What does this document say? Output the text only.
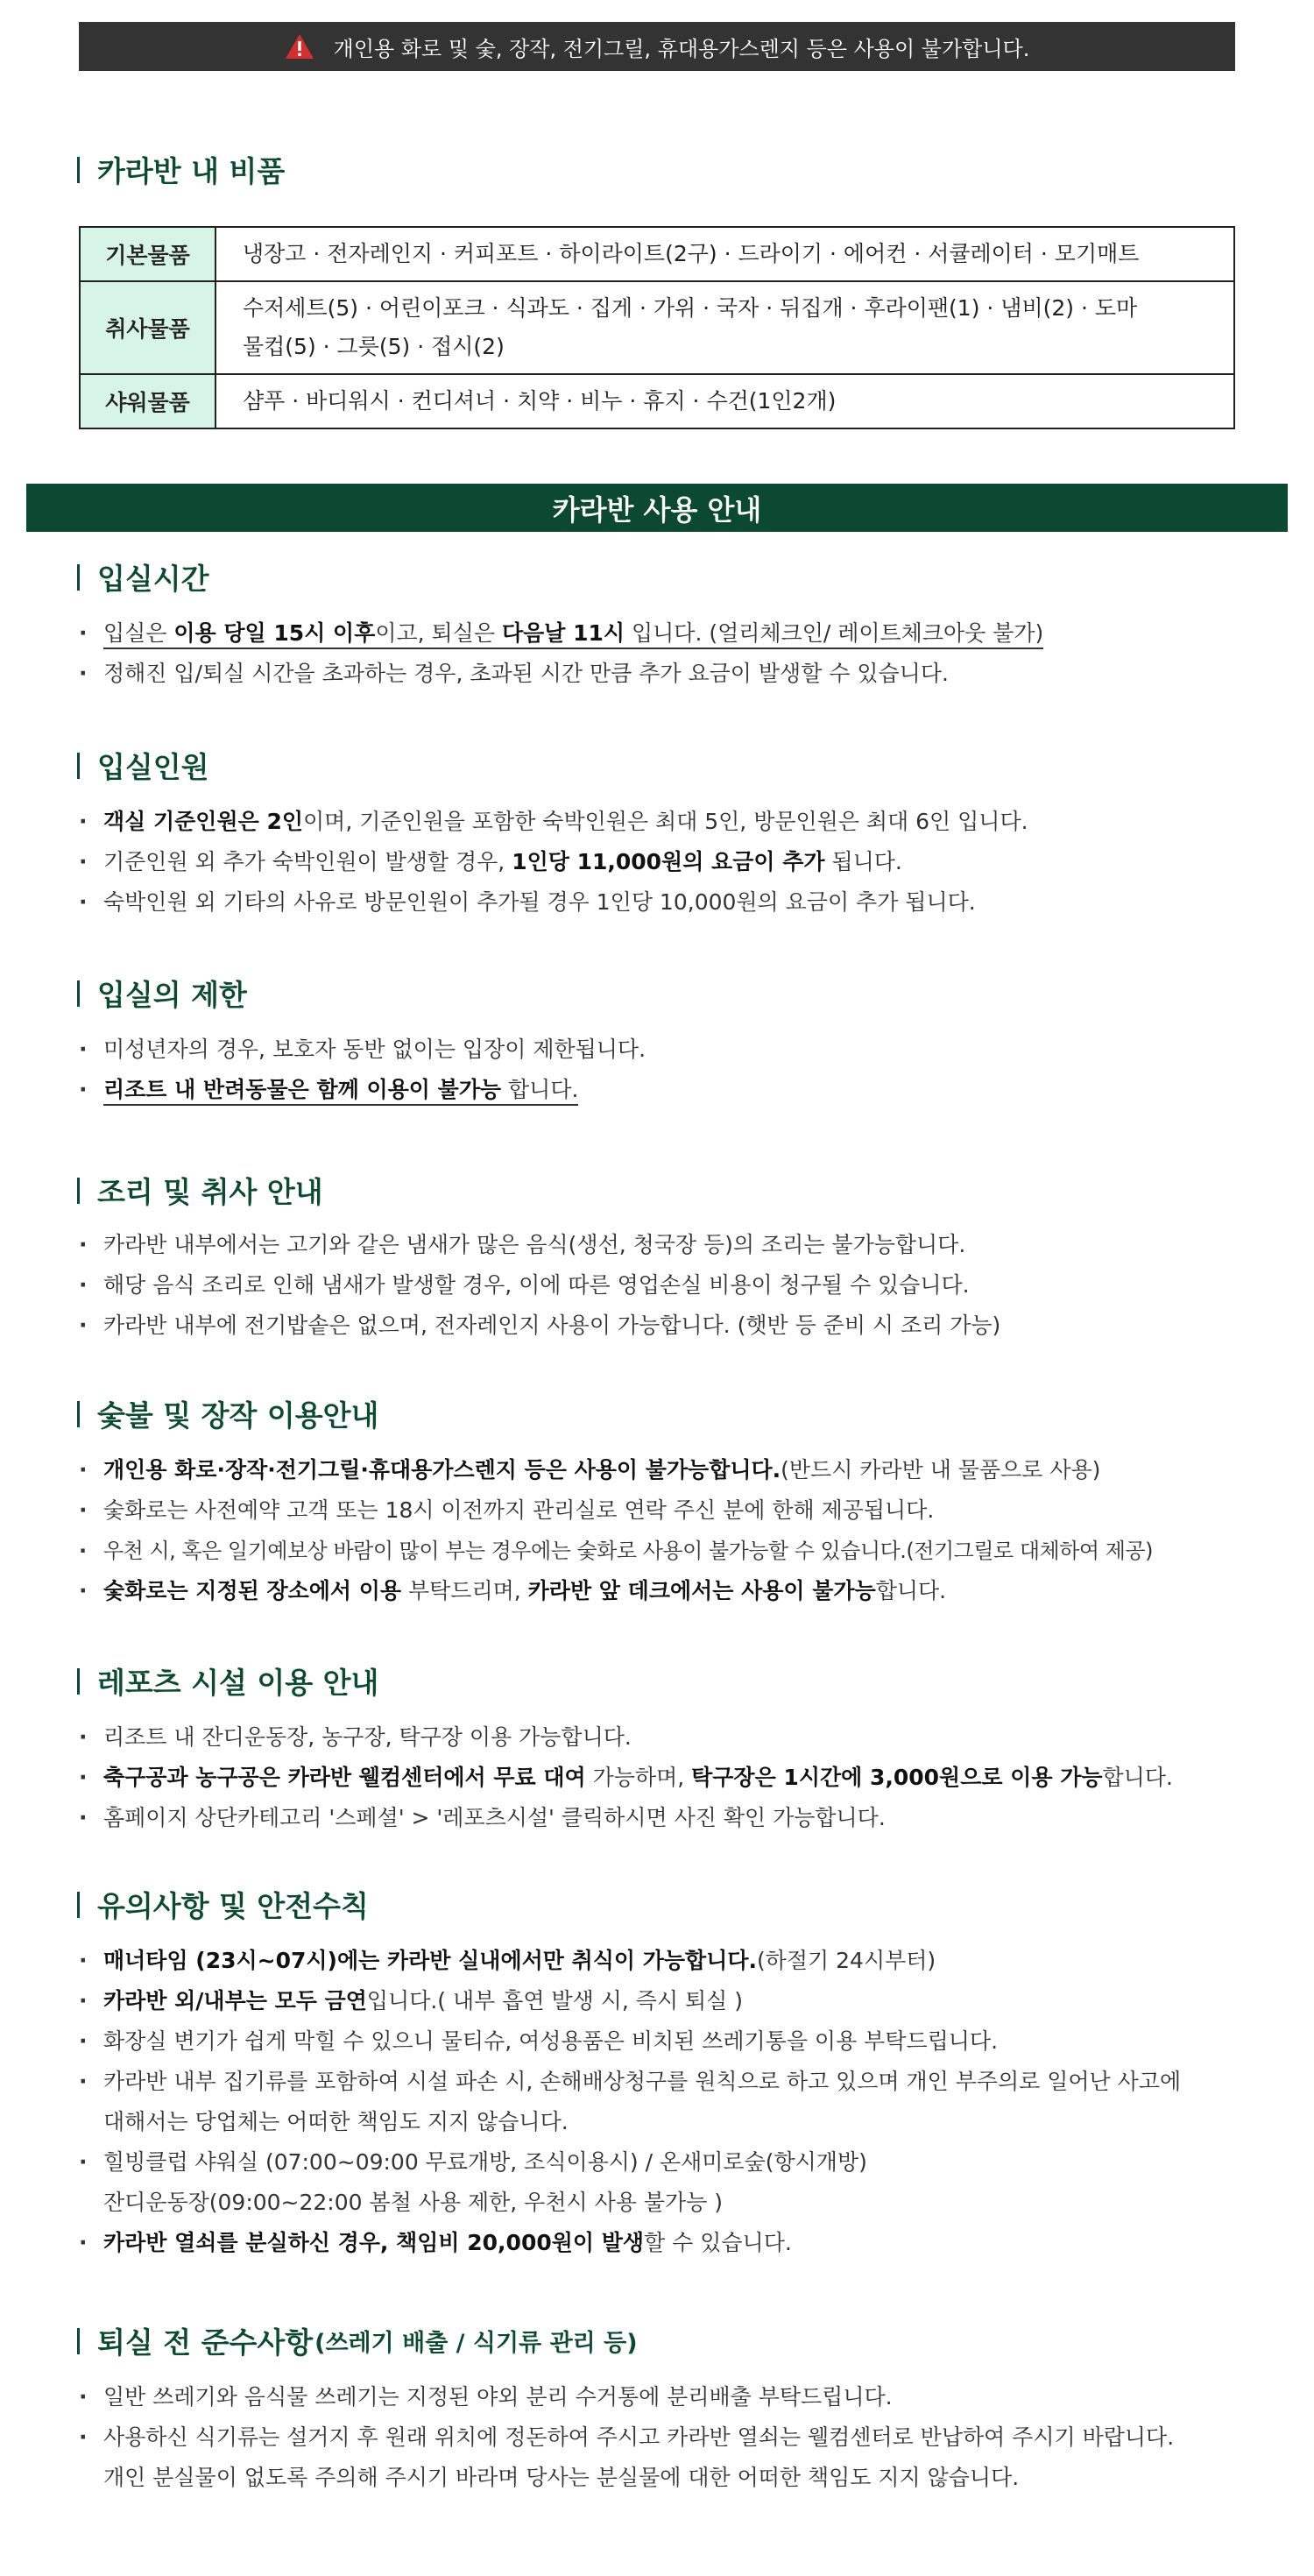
개인용 화로 및 숯, 장작, 전기그릴, 휴대용가스렌지 등은 사용이 불가합니다.
카라반 내 비품
기본물품	냉장고 · 전자레인지 · 커피포트 · 하이라이트(2구) · 드라이기 · 에어컨 · 서큘레이터 · 모기매트
취사물품	수저세트(5) · 어린이포크 · 식과도 · 집게 · 가위 · 국자 · 뒤집개 · 후라이팬(1) · 냄비(2) · 도마
물컵(5) · 그릇(5) · 접시(2)

샤워물품	샴푸 · 바디워시 · 컨디셔너 · 치약 · 비누 · 휴지 · 수건(1인2개)
카라반 사용 안내
입실시간
· 입실은 이용 당일 15시 이후이고, 퇴실은 다음날 11시 입니다. (얼리체크인/ 레이트체크아웃 불가)
· 정해진 입/퇴실 시간을 초과하는 경우, 초과된 시간 만큼 추가 요금이 발생할 수 있습니다.
입실인원
· 객실 기준인원은 2인이며, 기준인원을 포함한 숙박인원은 최대 5인, 방문인원은 최대 6인 입니다.
· 기준인원 외 추가 숙박인원이 발생할 경우, 1인당 11,000원의 요금이 추가 됩니다.
· 숙박인원 외 기타의 사유로 방문인원이 추가될 경우 1인당 10,000원의 요금이 추가 됩니다.
입실의 제한
· 미성년자의 경우, 보호자 동반 없이는 입장이 제한됩니다.
· 리조트 내 반려동물은 함께 이용이 불가능 합니다.
조리 및 취사 안내
· 카라반 내부에서는 고기와 같은 냄새가 많은 음식(생선, 청국장 등)의 조리는 불가능합니다.
· 해당 음식 조리로 인해 냄새가 발생할 경우, 이에 따른 영업손실 비용이 청구될 수 있습니다.
· 카라반 내부에 전기밥솥은 없으며, 전자레인지 사용이 가능합니다. (햇반 등 준비 시 조리 가능)
숯불 및 장작 이용안내
· 개인용 화로·장작·전기그릴·휴대용가스렌지 등은 사용이 불가능합니다.(반드시 카라반 내 물품으로 사용)
· 숯화로는 사전예약 고객 또는 18시 이전까지 관리실로 연락 주신 분에 한해 제공됩니다.
· 우천 시, 혹은 일기예보상 바람이 많이 부는 경우에는 숯화로 사용이 불가능할 수 있습니다.(전기그릴로 대체하여 제공)
· 숯화로는 지정된 장소에서 이용 부탁드리며, 카라반 앞 데크에서는 사용이 불가능합니다.
레포츠 시설 이용 안내
· 리조트 내 잔디운동장, 농구장, 탁구장 이용 가능합니다.
· 축구공과 농구공은 카라반 웰컴센터에서 무료 대여 가능하며, 탁구장은 1시간에 3,000원으로 이용 가능합니다.
· 홈페이지 상단카테고리 '스페셜' > '레포츠시설' 클릭하시면 사진 확인 가능합니다.
유의사항 및 안전수칙
· 매너타임 (23시~07시)에는 카라반 실내에서만 취식이 가능합니다.(하절기 24시부터)
· 카라반 외/내부는 모두 금연입니다.( 내부 흡연 발생 시, 즉시 퇴실 )
· 화장실 변기가 쉽게 막힐 수 있으니 물티슈, 여성용품은 비치된 쓰레기통을 이용 부탁드립니다.
· 카라반 내부 집기류를 포함하여 시설 파손 시, 손해배상청구를 원칙으로 하고 있으며 개인 부주의로 일어난 사고에
대해서는 당업체는 어떠한 책임도 지지 않습니다.
· 힐빙클럽 샤워실 (07:00~09:00 무료개방, 조식이용시) / 온새미로숲(항시개방)
잔디운동장(09:00~22:00 봄철 사용 제한, 우천시 사용 불가능 )
· 카라반 열쇠를 분실하신 경우, 책임비 20,000원이 발생할 수 있습니다.
퇴실 전 준수사항 (쓰레기 배출 / 식기류 관리 등)
· 일반 쓰레기와 음식물 쓰레기는 지정된 야외 분리 수거통에 분리배출 부탁드립니다.
· 사용하신 식기류는 설거지 후 원래 위치에 정돈하여 주시고 카라반 열쇠는 웰컴센터로 반납하여 주시기 바랍니다.
개인 분실물이 없도록 주의해 주시기 바라며 당사는 분실물에 대한 어떠한 책임도 지지 않습니다.
